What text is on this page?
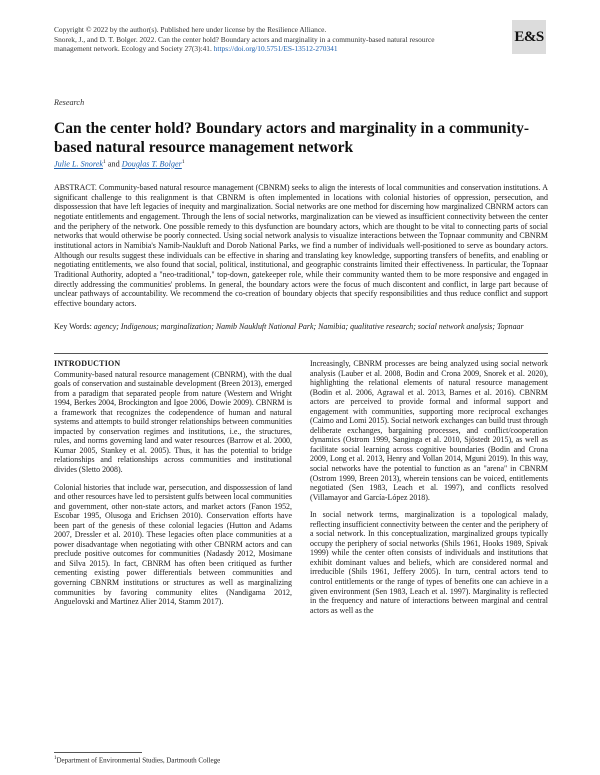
Copyright © 2022 by the author(s). Published here under license by the Resilience Alliance.
Snorek, J., and D. T. Bolger. 2022. Can the center hold? Boundary actors and marginality in a community-based natural resource management network. Ecology and Society 27(3):41. https://doi.org/10.5751/ES-13512-270341
E&S
Research
Can the center hold? Boundary actors and marginality in a community-based natural resource management network
Julie L. Snorek$^1$ and Douglas T. Bolger$^1$

ABSTRACT. Community-based natural resource management (CBNRM) seeks to align the interests of local communities and conservation institutions. A significant challenge to this realignment is that CBNRM is often implemented in locations with colonial histories of oppression, persecution, and dispossession that have left legacies of inequity and marginalization. Social networks are one method for discerning how marginalized CBNRM actors can negotiate entitlements and engagement. Through the lens of social networks, marginalization can be viewed as insufficient connectivity between the center and the periphery of the network. One possible remedy to this dysfunction are boundary actors, which are thought to be vital to connecting parts of social networks that would otherwise be poorly connected. Using social network analysis to visualize interactions between the Topnaar community and CBNRM institutional actors in Namibia's Namib-Naukluft and Dorob National Parks, we find a number of individuals well-positioned to serve as boundary actors. Although our results suggest these individuals can be effective in sharing and translating key knowledge, supporting transfers of benefits, and enabling or negotiating entitlements, we also found that social, political, institutional, and geographic constraints limited their effectiveness. In particular, the Topnaar Traditional Authority, adopted a "neo-traditional," top-down, gatekeeper role, while their community wanted them to be more responsive and engaged in directly addressing the communities' problems. In general, the boundary actors were the focus of much discontent and conflict, in large part because of unclear pathways of accountability. We recommend the co-creation of boundary objects that specify responsibilities and thus reduce conflict and support effective boundary actors.

Key Words: agency; Indigenous; marginalization; Namib Naukluft National Park; Namibia; qualitative research; social network analysis; Topnaar

INTRODUCTION

Community-based natural resource management (CBNRM), with the dual goals of conservation and sustainable development (Breen 2013), emerged from a paradigm that separated people from nature (Western and Wright 1994, Berkes 2004, Brockington and Igoe 2006, Dowie 2009). CBNRM is a framework that recognizes the codependence of human and natural systems and attempts to build stronger relationships between communities impacted by conservation regimes and institutions, i.e., the structures, rules, and norms governing land and water resources (Barrow et al. 2000, Kumar 2005, Stankey et al. 2005). Thus, it has the potential to bridge relationships and relationships across communities and institutional divides (Sletto 2008).

Colonial histories that include war, persecution, and dispossession of land and other resources have led to persistent gulfs between local communities and government, other non-state actors, and market actors (Fanon 1952, Escobar 1995, Olusoga and Erichsen 2010). Conservation efforts have been part of the genesis of these colonial legacies (Hutton and Adams 2007, Dressler et al. 2010). These legacies often place communities at a power disadvantage when negotiating with other CBNRM actors and can preclude positive outcomes for communities (Nadasdy 2012, Mosimane and Silva 2015). In fact, CBNRM has often been critiqued as further cementing existing power differentials between communities and governing CBNRM institutions or structures as well as marginalizing communities by favoring community elites (Nandigama 2012, Anguelovski and Martinez Alier 2014, Stamm 2017).

Increasingly, CBNRM processes are being analyzed using social network analysis (Lauber et al. 2008, Bodin and Crona 2009, Snorek et al. 2020), highlighting the relational elements of natural resource management (Bodin et al. 2006, Agrawal et al. 2013, Barnes et al. 2016). CBNRM actors are perceived to provide formal and informal support and engagement with communities, supporting more reciprocal exchanges (Caimo and Lomi 2015). Social network exchanges can build trust through deliberate exchanges, bargaining processes, and conflict/cooperation dynamics (Ostrom 1999, Sanginga et al. 2010, Sjöstedt 2015), as well as facilitate social learning across cognitive boundaries (Bodin and Crona 2009, Long et al. 2013, Henry and Vollan 2014, Mguni 2019). In this way, social networks have the potential to function as an "arena" in CBNRM (Ostrom 1999, Breen 2013), wherein tensions can be voiced, entitlements negotiated (Sen 1983, Leach et al. 1997), and conflicts resolved (Villamayor and García-López 2018).

In social network terms, marginalization is a topological malady, reflecting insufficient connectivity between the center and the periphery of a social network. In this conceptualization, marginalized groups typically occupy the periphery of social networks (Shils 1961, Hooks 1989, Spivak 1999) while the center often consists of individuals and institutions that exhibit dominant values and beliefs, which are considered normal and irreducible (Shils 1961, Jeffery 2005). In turn, central actors tend to control entitlements or the range of types of benefits one can achieve in a given environment (Sen 1983, Leach et al. 1997). Marginality is reflected in the frequency and nature of interactions between marginal and central actors as well as the

$^1$Department of Environmental Studies, Dartmouth College
